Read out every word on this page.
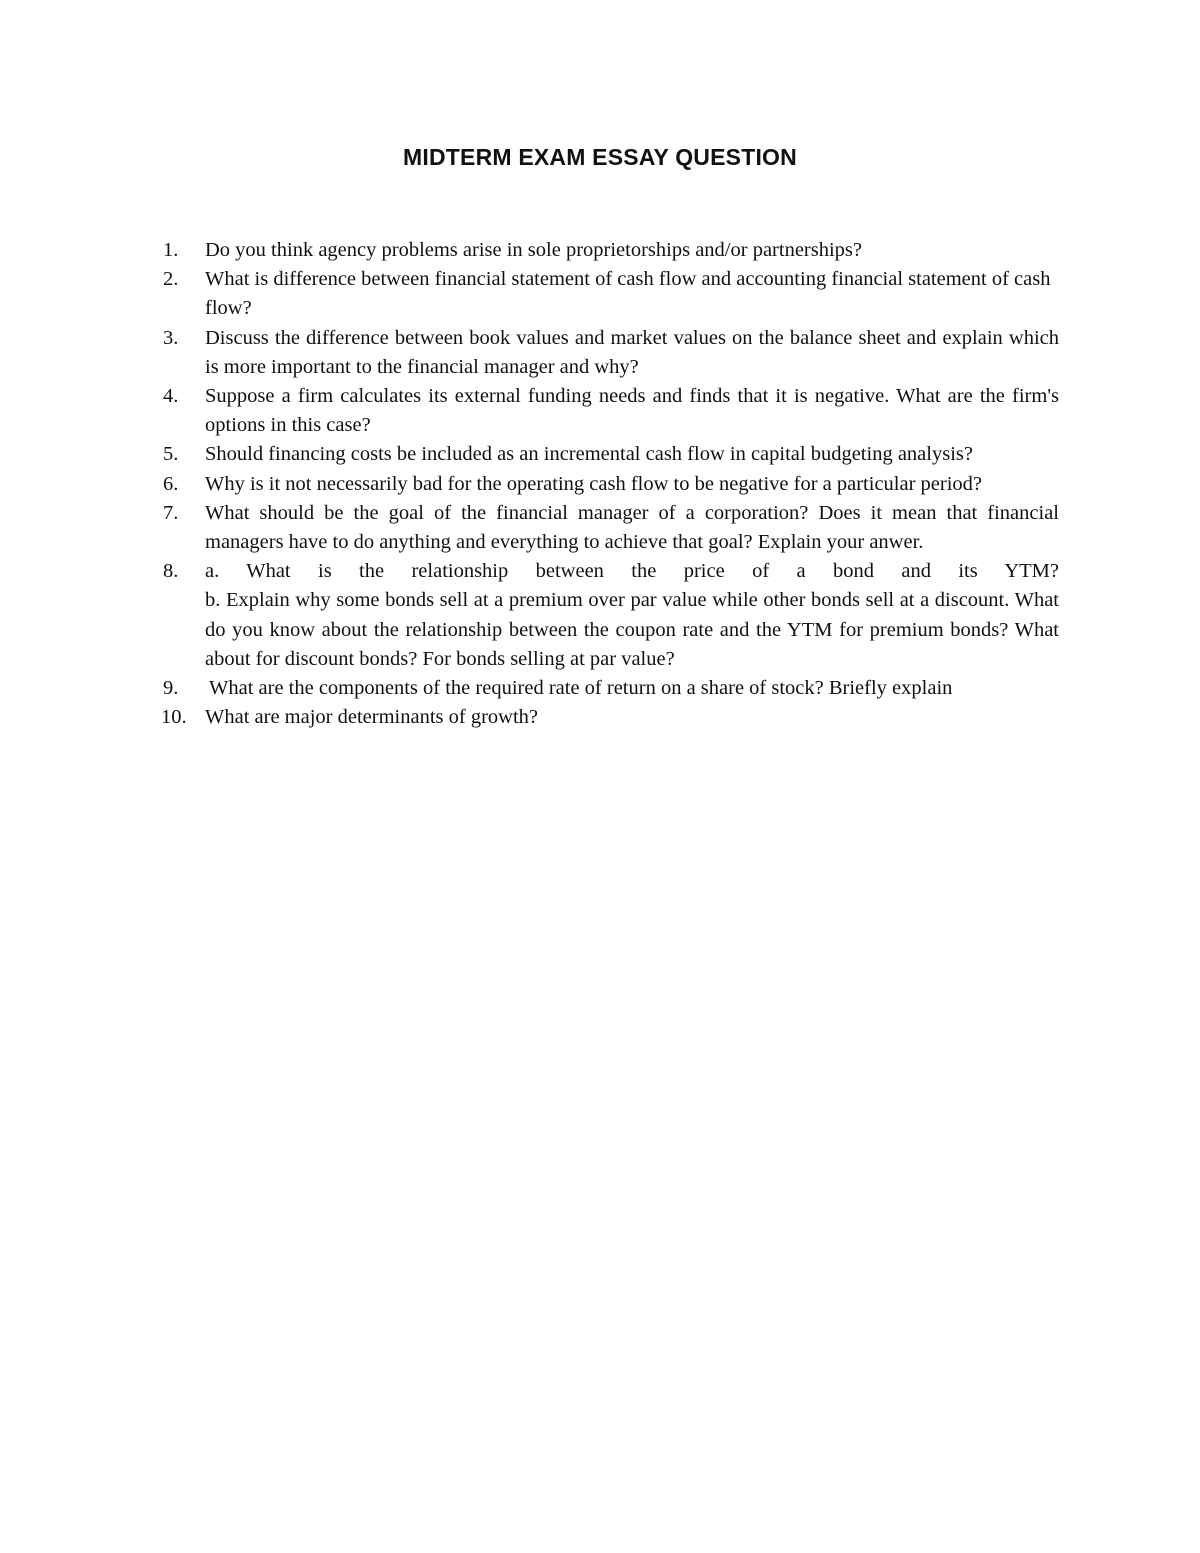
MIDTERM EXAM ESSAY QUESTION
1.	Do you think agency problems arise in sole proprietorships and/or partnerships?
2.	What is difference between financial statement of cash flow and accounting financial statement of cash flow?
3.	Discuss the difference between book values and market values on the balance sheet and explain which is more important to the financial manager and why?
4.	Suppose a firm calculates its external funding needs and finds that it is negative. What are the firm's options in this case?
5.	Should financing costs be included as an incremental cash flow in capital budgeting analysis?
6.	Why is it not necessarily bad for the operating cash flow to be negative for a particular period?
7.	What should be the goal of the financial manager of a corporation? Does it mean that financial managers have to do anything and everything to achieve that goal? Explain your anwer.
8.	a. What is the relationship between the price of a bond and its YTM?
b. Explain why some bonds sell at a premium over par value while other bonds sell at a discount. What do you know about the relationship between the coupon rate and the YTM for premium bonds? What about for discount bonds? For bonds selling at par value?
9.	What are the components of the required rate of return on a share of stock? Briefly explain
10. What are major determinants of growth?
